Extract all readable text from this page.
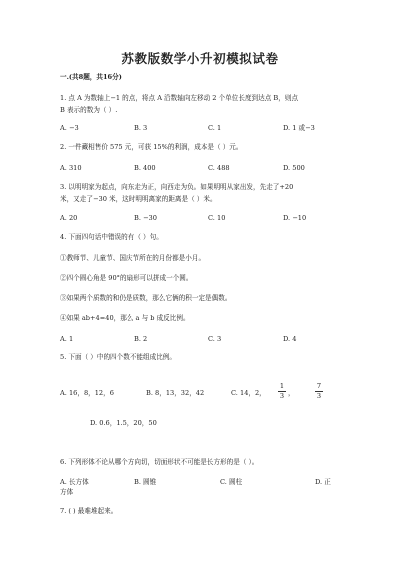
苏教版数学小升初模拟试卷
一.(共8题，共16分)
1. 点 A 为数轴上−1 的点，将点 A 沿数轴向左移动 2 个单位长度到达点 B，则点
B 表示的数为（ ）.
A. −3	B. 3	C. 1	D. 1 或−3
2. 一件藏相售价 575 元，可获 15%的利润，成本是（ ）元。
A. 310	B. 400	C. 488	D. 500
3. 以明明家为起点，向东走为正，向西走为负。如果明明从家出发，先走了+20
米，又走了−30 米，这时明明离家的距离是（ ）米。
A. 20	B. −30	C. 10	D. −10
4. 下面四句话中错误的有（ ）句。
①教师节、儿童节、国庆节所在的月份都是小月。
②四个圆心角是 90°的扇形可以拼成一个圆。
③如果两个质数的和仍是质数，那么它俩的积一定是偶数。
④如果 ab+4=40，那么 a 与 b 成反比例。
A. 1	B. 2	C. 3	D. 4
5. 下面（ ）中的四个数不能组成比例。
A. 16，8，12，6	B. 8，13，32，42	C. 14，2，
1
3 ，
7
3
D. 0.6，1.5，20，50
6. 下列形体不论从哪个方向切，切面形状不可能是长方形的是（ ）。
A. 长方体
方体
B. 圆锥	C. 圆柱	D. 正
7. ( ) 最难堆起来。
